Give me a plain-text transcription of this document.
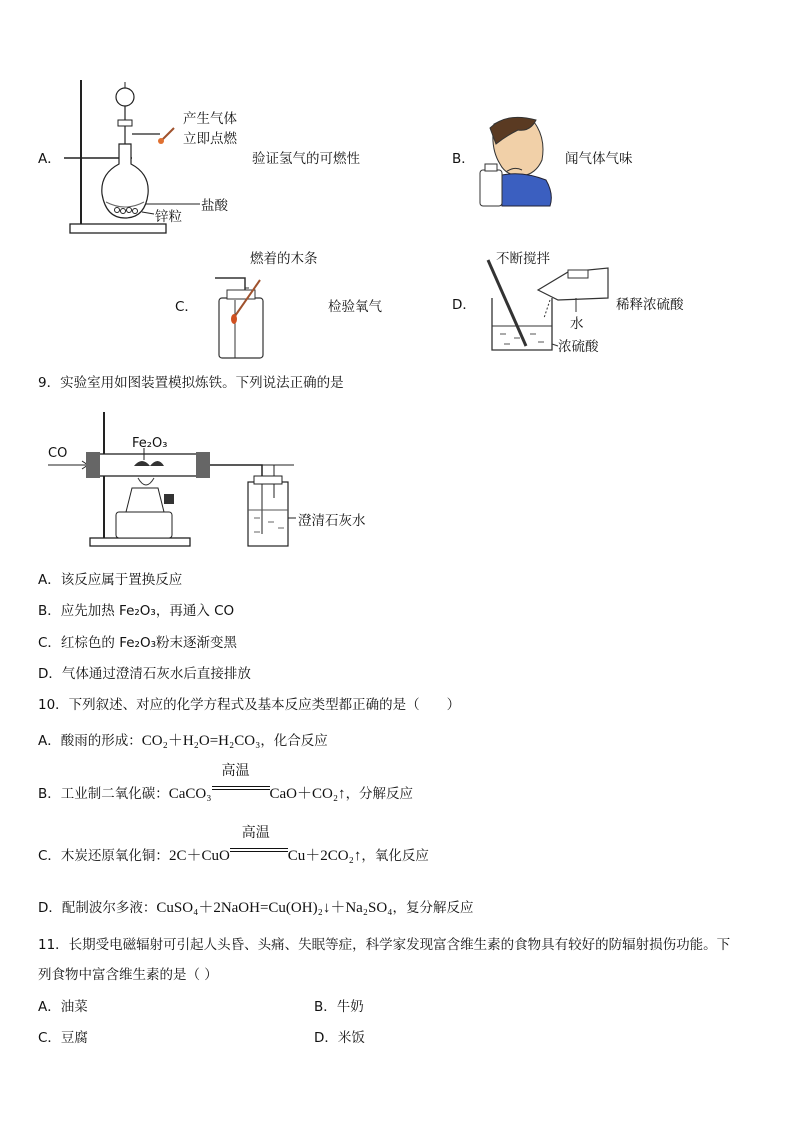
A．
产生气体
立即点燃
盐酸
锌粒
验证氢气的可燃性	B．	闻气体气味
燃着的木条
C．	检验氧气
不断搅拌
D．
水
浓硫酸
稀释浓硫酸
9．实验室用如图装置模拟炼铁。下列说法正确的是
CO
Fe₂O₃
澄清石灰水
A．该反应属于置换反应
B．应先加热 Fe₂O₃，再通入 CO
C．红棕色的 Fe₂O₃粉末逐渐变黑
D．气体通过澄清石灰水后直接排放
10．下列叙述、对应的化学方程式及基本反应类型都正确的是（　　）
A．酸雨的形成：CO₂＋H₂O=H₂CO₃，化合反应
B．工业制二氧化碳：CaCO₃
高温
CaO＋CO₂↑，分解反应
C．木炭还原氧化铜：2C＋CuO
高温
Cu＋2CO₂↑，氧化反应
D．配制波尔多液：CuSO₄＋2NaOH=Cu(OH)₂↓＋Na₂SO₄，复分解反应
11．长期受电磁辐射可引起人头昏、头痛、失眠等症，科学家发现富含维生素的食物具有较好的防辐射损伤功能。下
列食物中富含维生素的是（ ）
A．油菜	B．牛奶
C．豆腐	D．米饭
